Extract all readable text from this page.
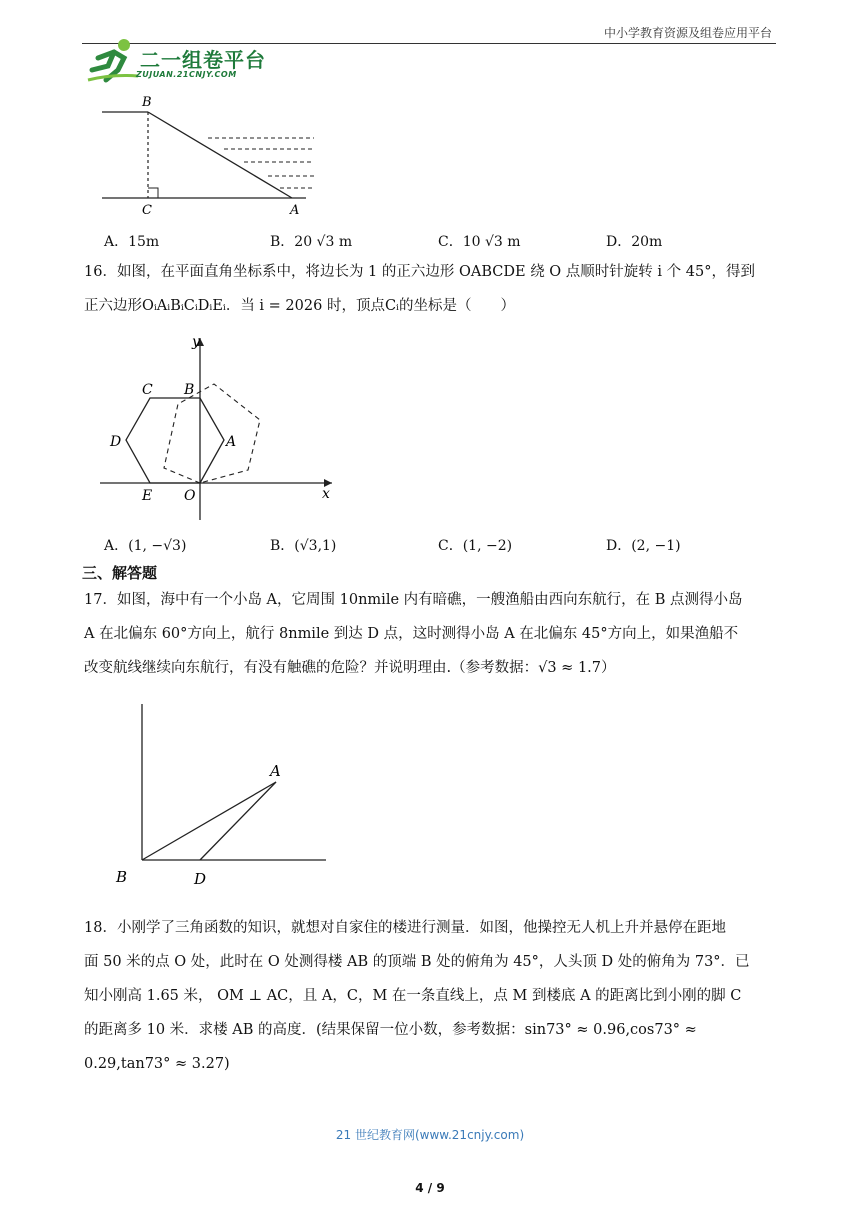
中小学教育资源及组卷应用平台
二一组卷平台
ZUJUAN.21CNJY.COM
B
C	A
A．15m	B．20 √3 m	C．10 √3 m	D．20m
16．如图，在平面直角坐标系中，将边长为 1 的正六边形 OABCDE 绕 O 点顺时针旋转 i 个 45°，得到
正六边形OᵢAᵢBᵢCᵢDᵢEᵢ．当 i = 2026 时，顶点Cᵢ的坐标是（　　）
y
x
C B
D	A
E O
A．(1, −√3)	B．(√3,1)	C．(1, −2)	D．(2, −1)
三、解答题
17．如图，海中有一个小岛 A，它周围 10nmile 内有暗礁，一艘渔船由西向东航行，在 B 点测得小岛
A 在北偏东 60°方向上，航行 8nmile 到达 D 点，这时测得小岛 A 在北偏东 45°方向上，如果渔船不
改变航线继续向东航行，有没有触礁的危险？并说明理由.（参考数据：√3 ≈ 1.7）
A
B	D
18．小刚学了三角函数的知识，就想对自家住的楼进行测量．如图，他操控无人机上升并悬停在距地
面 50 米的点 O 处，此时在 O 处测得楼 AB 的顶端 B 处的俯角为 45°，人头顶 D 处的俯角为 73°．已
知小刚高 1.65 米， OM ⊥ AC，且 A，C，M 在一条直线上，点 M 到楼底 A 的距离比到小刚的脚 C
的距离多 10 米．求楼 AB 的高度．(结果保留一位小数，参考数据：sin73° ≈ 0.96,cos73° ≈
0.29,tan73° ≈ 3.27)
21 世纪教育网(www.21cnjy.com)
4 / 9
